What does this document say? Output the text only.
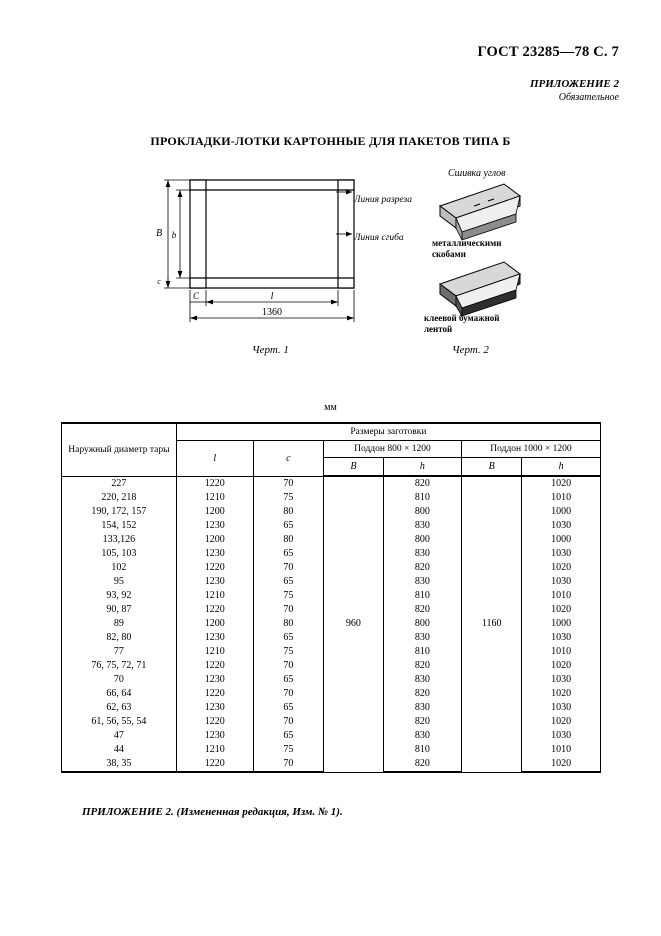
ГОСТ 23285—78 С. 7
ПРИЛОЖЕНИЕ 2
Обязательное
ПРОКЛАДКИ-ЛОТКИ КАРТОННЫЕ ДЛЯ ПАКЕТОВ ТИПА Б
B b
c
C	l
1360
Линия разреза
Линия сгиба
Черт. 1
Сшивка углов
металлическими
скобами
клеевой бумажной
лентой
Черт. 2
мм
Наружный диаметр тары	Размеры заготовки					
	l	c	Поддон 800 × 1200		Поддон 1000 × 1200	
			B	h	B	h
227	1220	70	960	820	1160	1020
220, 218	1210	75		810		1010
190, 172, 157	1200	80		800		1000
154, 152	1230	65		830		1030
133,126	1200	80		800		1000
105, 103	1230	65		830		1030
102	1220	70		820		1020
95	1230	65		830		1030
93, 92	1210	75		810		1010
90, 87	1220	70		820		1020
89	1200	80		800		1000
82, 80	1230	65		830		1030
77	1210	75		810		1010
76, 75, 72, 71	1220	70		820		1020
70	1230	65		830		1030
66, 64	1220	70		820		1020
62, 63	1230	65		830		1030
61, 56, 55, 54	1220	70		820		1020
47	1230	65		830		1030
44	1210	75		810		1010
38, 35	1220	70		820		1020
ПРИЛОЖЕНИЕ 2. (Измененная редакция, Изм. № 1).
